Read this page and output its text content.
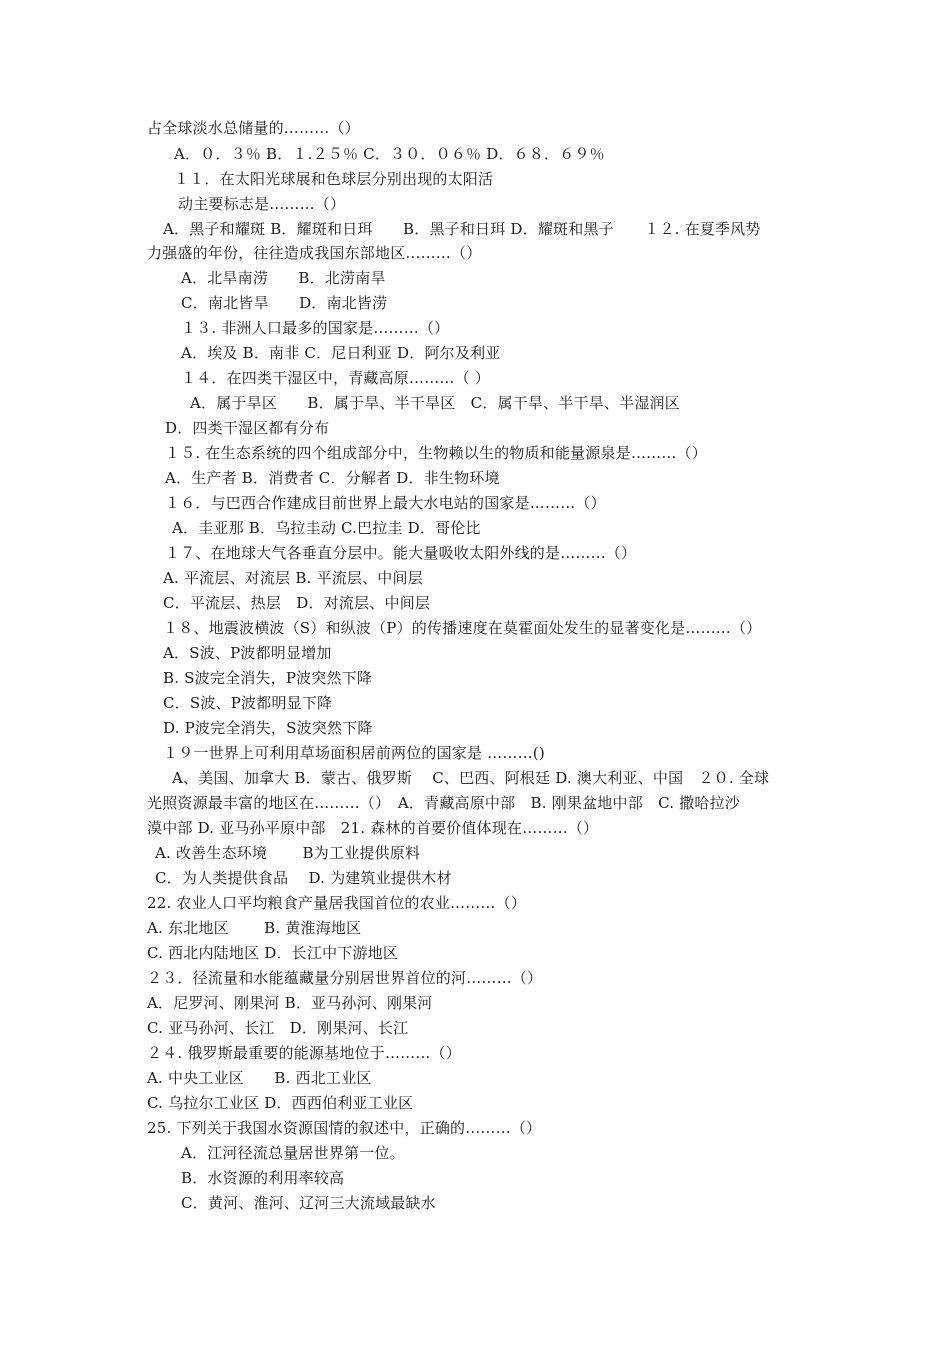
占全球淡水总储量的………（）
A．０．３％ B．１.２５％ C．３０．０６％ D．６８．６９％
１１．在太阳光球展和色球层分别出现的太阳活
动主要标志是………（）
A．黑子和耀斑 B．耀斑和日珥　　B．黑子和日珥 D．耀斑和黑子　　１２. 在夏季风势
力强盛的年份，往往造成我国东部地区………（）
A．北旱南涝　　B．北涝南旱
C．南北皆旱　　D．南北皆涝
１３. 非洲人口最多的国家是………（）
A．埃及 B．南非 C．尼日利亚 D．阿尔及利亚
１４．在四类干湿区中，青藏高原………（ ）
A．属于旱区　　B．属于旱、半干旱区　C．属干旱、半干旱、半湿润区
D．四类干湿区都有分布
１５. 在生态系统的四个组成部分中，生物赖以生的物质和能量源泉是………（）
A．生产者 B．消费者 C．分解者 D．非生物环境
１６．与巴西合作建成目前世界上最大水电站的国家是………（）
A．圭亚那 B．乌拉圭动 C.巴拉圭 D．哥伦比
１７、在地球大气各垂直分层中。能大量吸收太阳外线的是………（）
A. 平流层、对流层 B. 平流层、中间层
C．平流层、热层　D．对流层、中间层
１８、地震波横波（S）和纵波（P）的传播速度在莫霍面处发生的显著变化是………（）
A．S波、P波都明显增加
B. S波完全消失，P波突然下降
C．S波、P波都明显下降
D. P波完全消失，S波突然下降
１９一世界上可利用草场面积居前两位的国家是 ………()
A、美国、加拿大 B．蒙古、俄罗斯　 C、巴西、阿根廷 D. 澳大利亚、中国　２０. 全球
光照资源最丰富的地区在………（）　A．青藏高原中部　B. 刚果盆地中部　C. 撒哈拉沙
漠中部 D. 亚马孙平原中部　21. 森林的首要价值体现在………（）
A. 改善生态环境　　 B为工业提供原料
C．为人类提供食品　 D. 为建筑业提供木材
22. 农业人口平均粮食产量居我国首位的农业………（）
A. 东北地区　　 B. 黄淮海地区
C. 西北内陆地区 D．长江中下游地区
２３．径流量和水能蕴藏量分别居世界首位的河………（）
A．尼罗河、刚果河 B．亚马孙河、刚果河
C. 亚马孙河、长江　D．刚果河、长江
２４. 俄罗斯最重要的能源基地位于………（）
A. 中央工业区　　B. 西北工业区
C. 乌拉尔工业区 D．西西伯利亚工业区
25. 下列关于我国水资源国情的叙述中，正确的………（）
A．江河径流总量居世界第一位。
B．水资源的利用率较高
C．黄河、淮河、辽河三大流域最缺水
